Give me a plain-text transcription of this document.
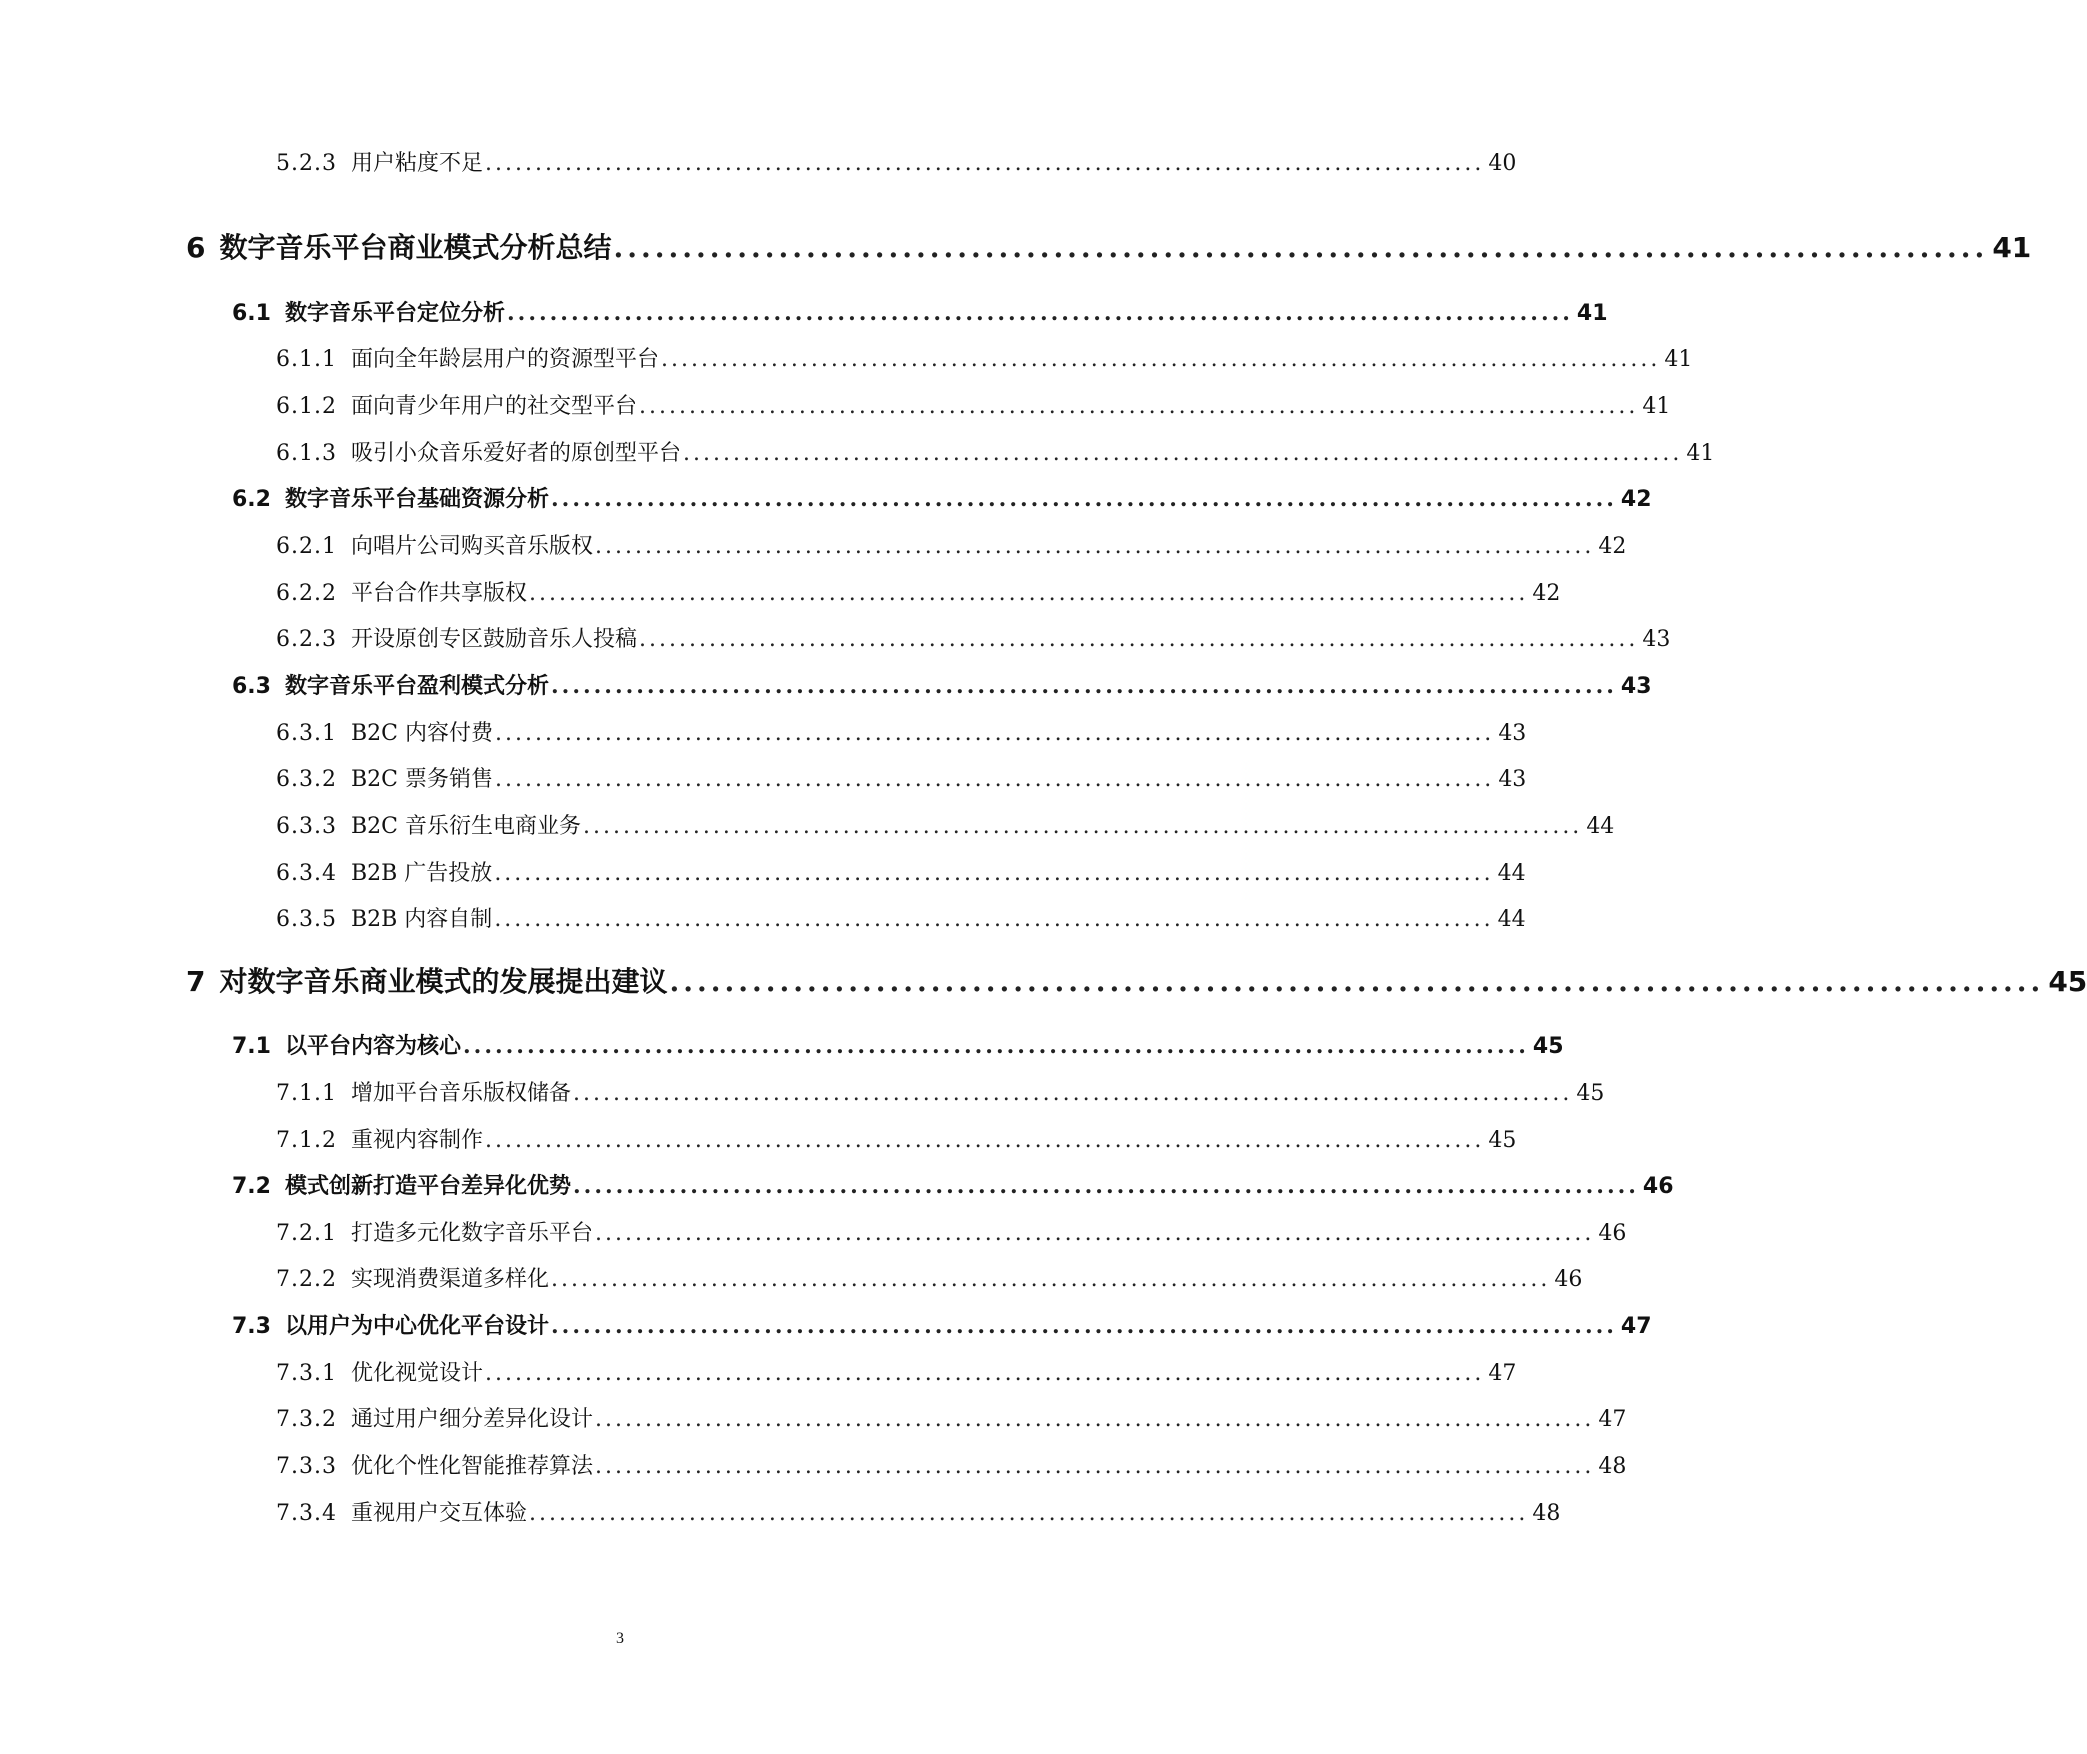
5.2.3 用户粘度不足 .................................................................................................... 40
6 数字音乐平台商业模式分析总结 .................................................................................................... 41
6.1 数字音乐平台定位分析 .................................................................................................... 41
6.1.1 面向全年龄层用户的资源型平台 .................................................................................................... 41
6.1.2 面向青少年用户的社交型平台 .................................................................................................... 41
6.1.3 吸引小众音乐爱好者的原创型平台 .................................................................................................... 41
6.2 数字音乐平台基础资源分析 .................................................................................................... 42
6.2.1 向唱片公司购买音乐版权 .................................................................................................... 42
6.2.2 平台合作共享版权 .................................................................................................... 42
6.2.3 开设原创专区鼓励音乐人投稿 .................................................................................................... 43
6.3 数字音乐平台盈利模式分析 .................................................................................................... 43
6.3.1 B2C 内容付费 .................................................................................................... 43
6.3.2 B2C 票务销售 .................................................................................................... 43
6.3.3 B2C 音乐衍生电商业务 .................................................................................................... 44
6.3.4 B2B 广告投放 .................................................................................................... 44
6.3.5 B2B 内容自制 .................................................................................................... 44
7 对数字音乐商业模式的发展提出建议 .................................................................................................... 45
7.1 以平台内容为核心 .................................................................................................... 45
7.1.1 增加平台音乐版权储备 .................................................................................................... 45
7.1.2 重视内容制作 .................................................................................................... 45
7.2 模式创新打造平台差异化优势 .................................................................................................... 46
7.2.1 打造多元化数字音乐平台 .................................................................................................... 46
7.2.2 实现消费渠道多样化 .................................................................................................... 46
7.3 以用户为中心优化平台设计 .................................................................................................... 47
7.3.1 优化视觉设计 .................................................................................................... 47
7.3.2 通过用户细分差异化设计 .................................................................................................... 47
7.3.3 优化个性化智能推荐算法 .................................................................................................... 48
7.3.4 重视用户交互体验 .................................................................................................... 48
3
